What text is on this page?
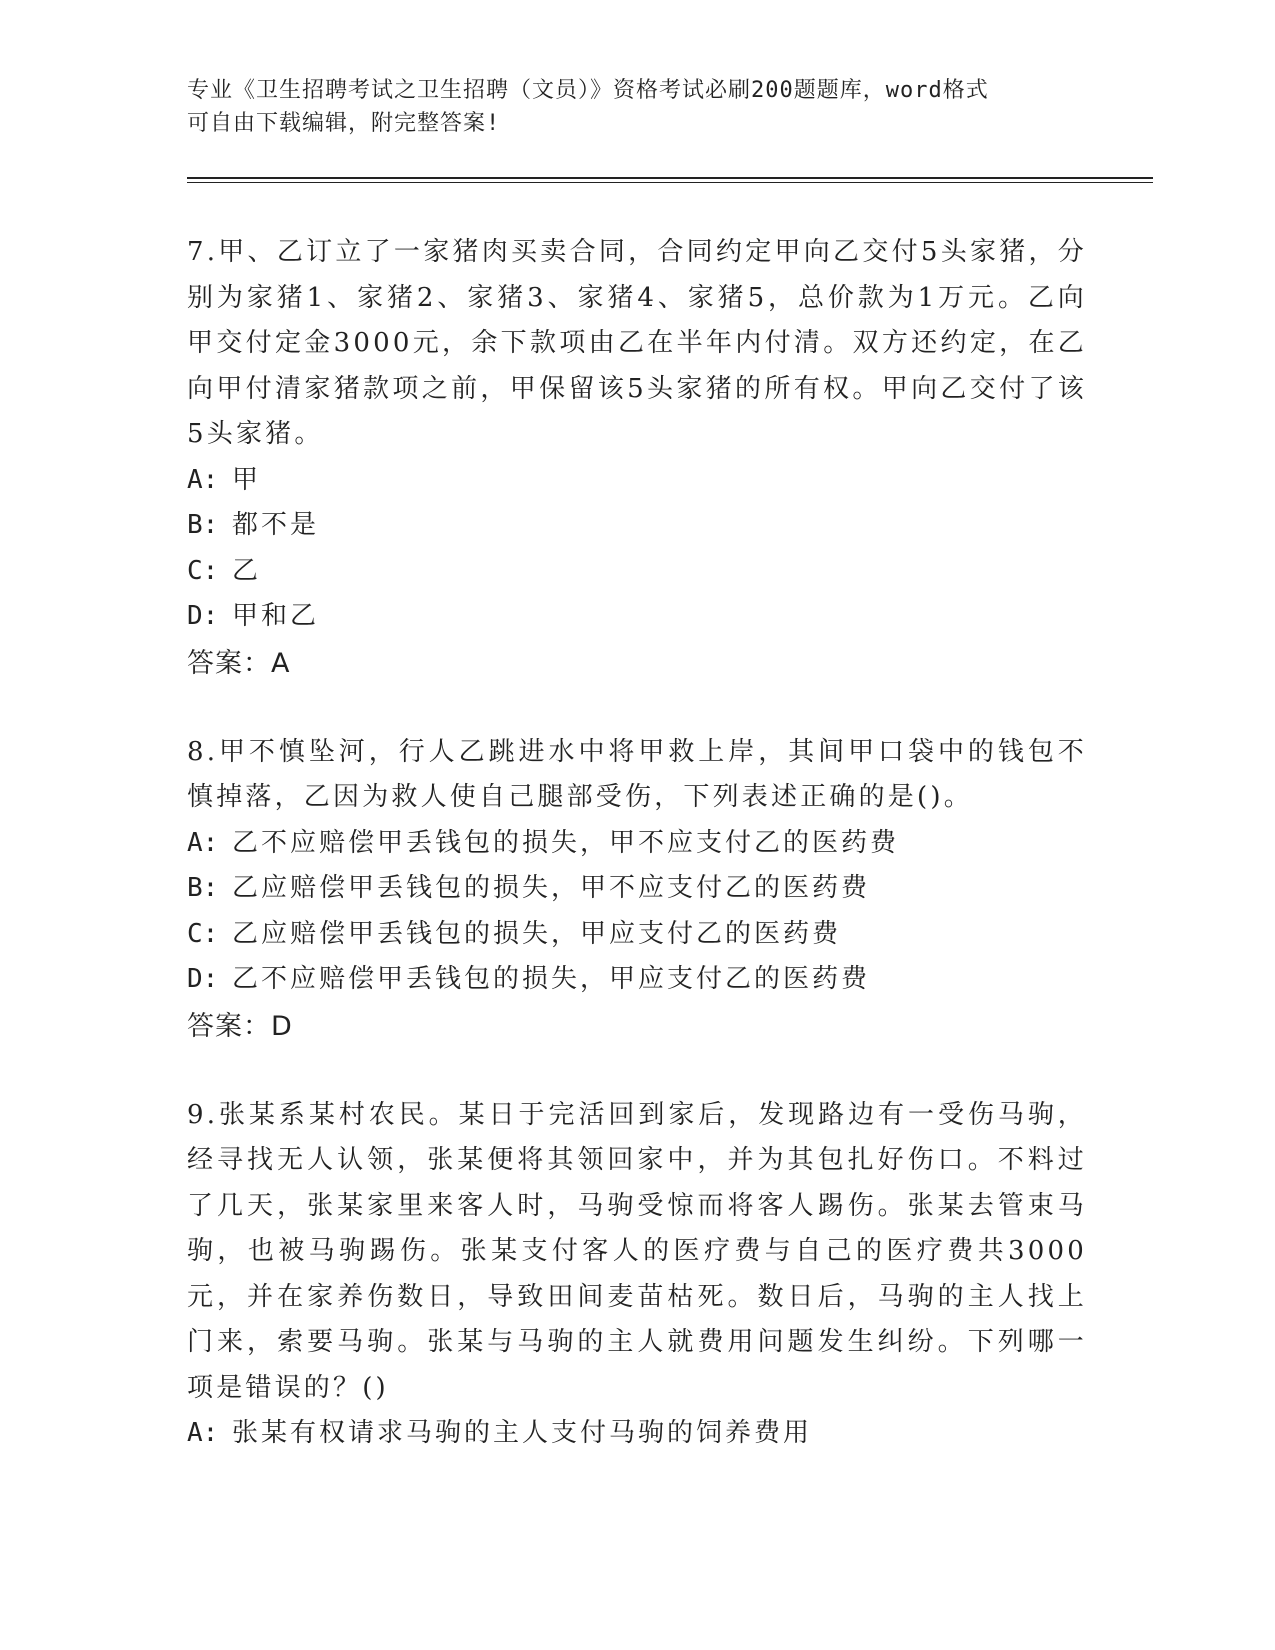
专业《卫生招聘考试之卫生招聘（文员）》资格考试必刷200题题库，word格式
可自由下载编辑，附完整答案!

7.甲、乙订立了一家猪肉买卖合同，合同约定甲向乙交付5头家猪，分别为家猪1、家猪2、家猪3、家猪4、家猪5，总价款为1万元。乙向甲交付定金3000元，余下款项由乙在半年内付清。双方还约定，在乙向甲付清家猪款项之前，甲保留该5头家猪的所有权。甲向乙交付了该5头家猪。

A: 甲

B: 都不是

C: 乙

D: 甲和乙

答案：A

8.甲不慎坠河，行人乙跳进水中将甲救上岸，其间甲口袋中的钱包不慎掉落，乙因为救人使自己腿部受伤，下列表述正确的是()。

A: 乙不应赔偿甲丢钱包的损失，甲不应支付乙的医药费

B: 乙应赔偿甲丢钱包的损失，甲不应支付乙的医药费

C: 乙应赔偿甲丢钱包的损失，甲应支付乙的医药费

D: 乙不应赔偿甲丢钱包的损失，甲应支付乙的医药费

答案：D

9.张某系某村农民。某日于完活回到家后，发现路边有一受伤马驹，经寻找无人认领，张某便将其领回家中，并为其包扎好伤口。不料过了几天，张某家里来客人时，马驹受惊而将客人踢伤。张某去管束马驹，也被马驹踢伤。张某支付客人的医疗费与自己的医疗费共3000元，并在家养伤数日，导致田间麦苗枯死。数日后，马驹的主人找上门来，索要马驹。张某与马驹的主人就费用问题发生纠纷。下列哪一项是错误的？()

A: 张某有权请求马驹的主人支付马驹的饲养费用
